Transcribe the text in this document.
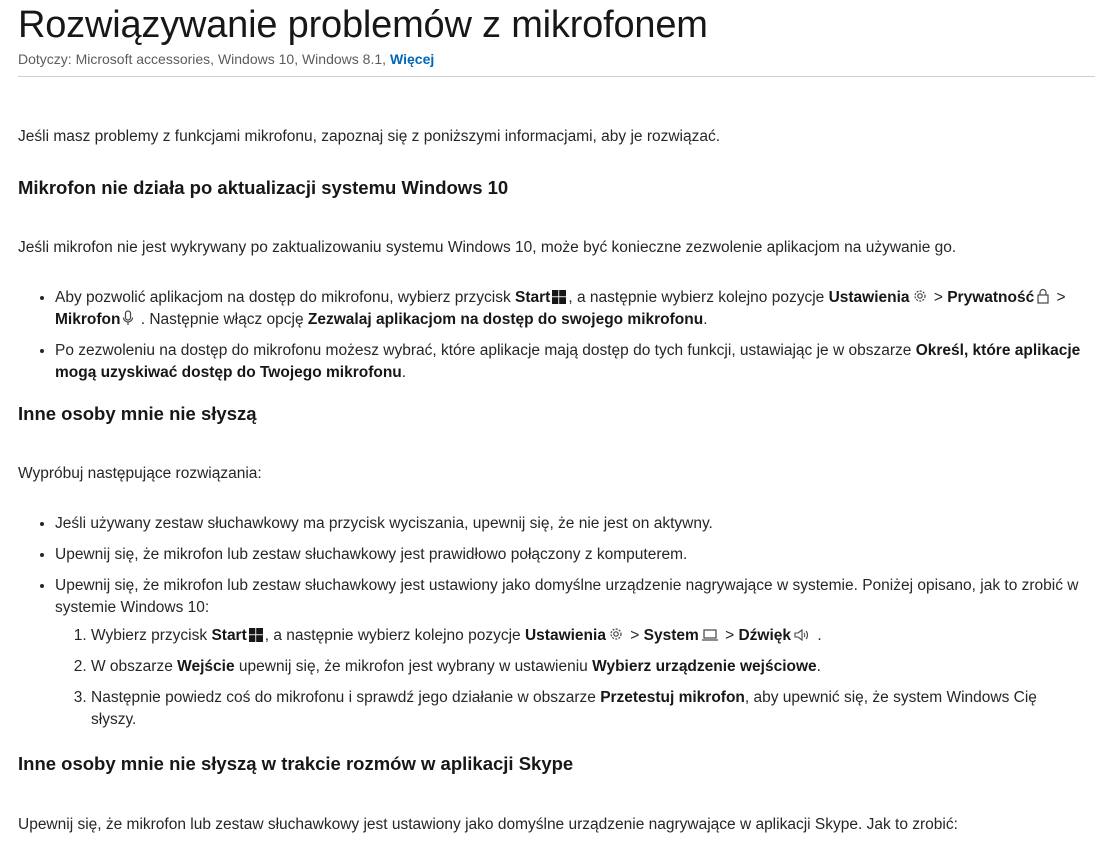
Rozwiązywanie problemów z mikrofonem
Dotyczy: Microsoft accessories, Windows 10, Windows 8.1, Więcej

Jeśli masz problemy z funkcjami mikrofonu, zapoznaj się z poniższymi informacjami, aby je rozwiązać.

Mikrofon nie działa po aktualizacji systemu Windows 10

Jeśli mikrofon nie jest wykrywany po zaktualizowaniu systemu Windows 10, może być konieczne zezwolenie aplikacjom na używanie go.

• Aby pozwolić aplikacjom na dostęp do mikrofonu, wybierz przycisk Start , a następnie wybierz kolejno pozycje Ustawienia > Prywatność > Mikrofon . Następnie włącz opcję Zezwalaj aplikacjom na dostęp do swojego mikrofonu.
• Po zezwoleniu na dostęp do mikrofonu możesz wybrać, które aplikacje mają dostęp do tych funkcji, ustawiając je w obszarze Określ, które aplikacje mogą uzyskiwać dostęp do Twojego mikrofonu.
Inne osoby mnie nie słyszą

Wypróbuj następujące rozwiązania:

• Jeśli używany zestaw słuchawkowy ma przycisk wyciszania, upewnij się, że nie jest on aktywny.
• Upewnij się, że mikrofon lub zestaw słuchawkowy jest prawidłowo połączony z komputerem.
• Upewnij się, że mikrofon lub zestaw słuchawkowy jest ustawiony jako domyślne urządzenie nagrywające w systemie. Poniżej opisano, jak to zrobić w systemie Windows 10:
1. Wybierz przycisk Start , a następnie wybierz kolejno pozycje Ustawienia > System > Dźwięk .
2. W obszarze Wejście upewnij się, że mikrofon jest wybrany w ustawieniu Wybierz urządzenie wejściowe.
3. Następnie powiedz coś do mikrofonu i sprawdź jego działanie w obszarze Przetestuj mikrofon, aby upewnić się, że system Windows Cię słyszy.
Inne osoby mnie nie słyszą w trakcie rozmów w aplikacji Skype

Upewnij się, że mikrofon lub zestaw słuchawkowy jest ustawiony jako domyślne urządzenie nagrywające w aplikacji Skype. Jak to zrobić:
